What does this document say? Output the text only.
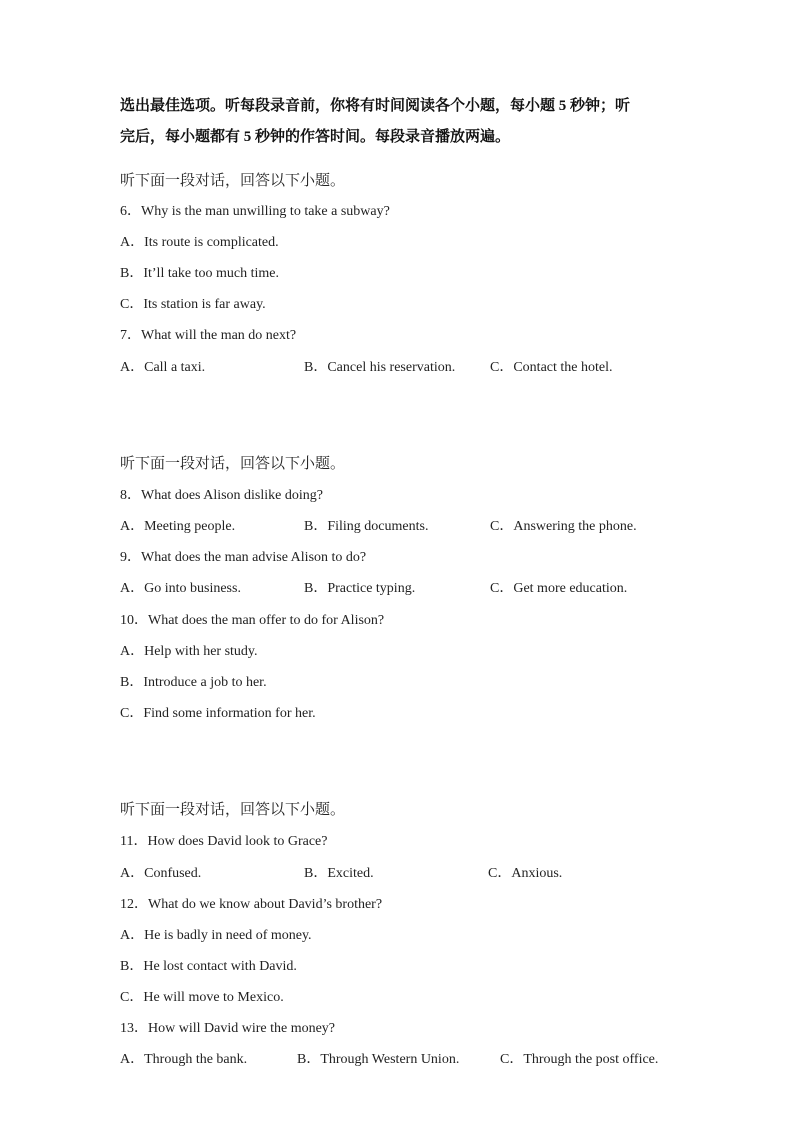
选出最佳选项。听每段录音前，你将有时间阅读各个小题，每小题 5 秒钟；听
完后，每小题都有 5 秒钟的作答时间。每段录音播放两遍。
听下面一段对话，回答以下小题。
6．Why is the man unwilling to take a subway?
A．Its route is complicated.
B．It’ll take too much time.
C．Its station is far away.
7．What will the man do next?
A．Call a taxi.	B．Cancel his reservation. C．Contact the hotel.
听下面一段对话，回答以下小题。
8．What does Alison dislike doing?
A．Meeting people.	B．Filing documents.	C．Answering the phone.
9．What does the man advise Alison to do?
A．Go into business.	B．Practice typing.	C．Get more education.
10．What does the man offer to do for Alison?
A．Help with her study.
B．Introduce a job to her.
C．Find some information for her.
听下面一段对话，回答以下小题。
11．How does David look to Grace?
A．Confused.	B．Excited.	C．Anxious.
12．What do we know about David’s brother?
A．He is badly in need of money.
B．He lost contact with David.
C．He will move to Mexico.
13．How will David wire the money?
A．Through the bank.	B．Through Western Union.	C．Through the post office.
